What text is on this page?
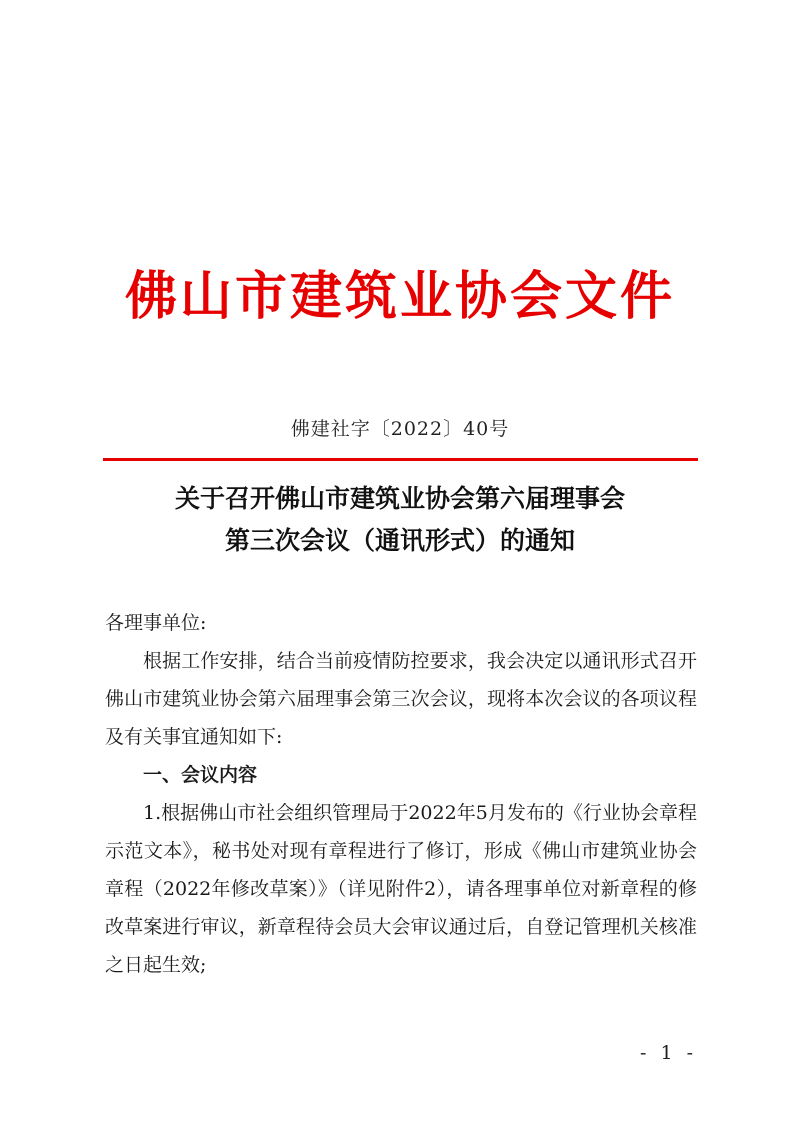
佛山市建筑业协会文件
佛建社字〔2022〕40号
关于召开佛山市建筑业协会第六届理事会
第三次会议（通讯形式）的通知

各理事单位:

根据工作安排，结合当前疫情防控要求，我会决定以通讯形式召开佛山市建筑业协会第六届理事会第三次会议，现将本次会议的各项议程及有关事宜通知如下:

一、会议内容

1.根据佛山市社会组织管理局于2022年5月发布的《行业协会章程示范文本》，秘书处对现有章程进行了修订，形成《佛山市建筑业协会章程（2022年修改草案）》（详见附件2），请各理事单位对新章程的修改草案进行审议，新章程待会员大会审议通过后，自登记管理机关核准之日起生效;

- 1 -
